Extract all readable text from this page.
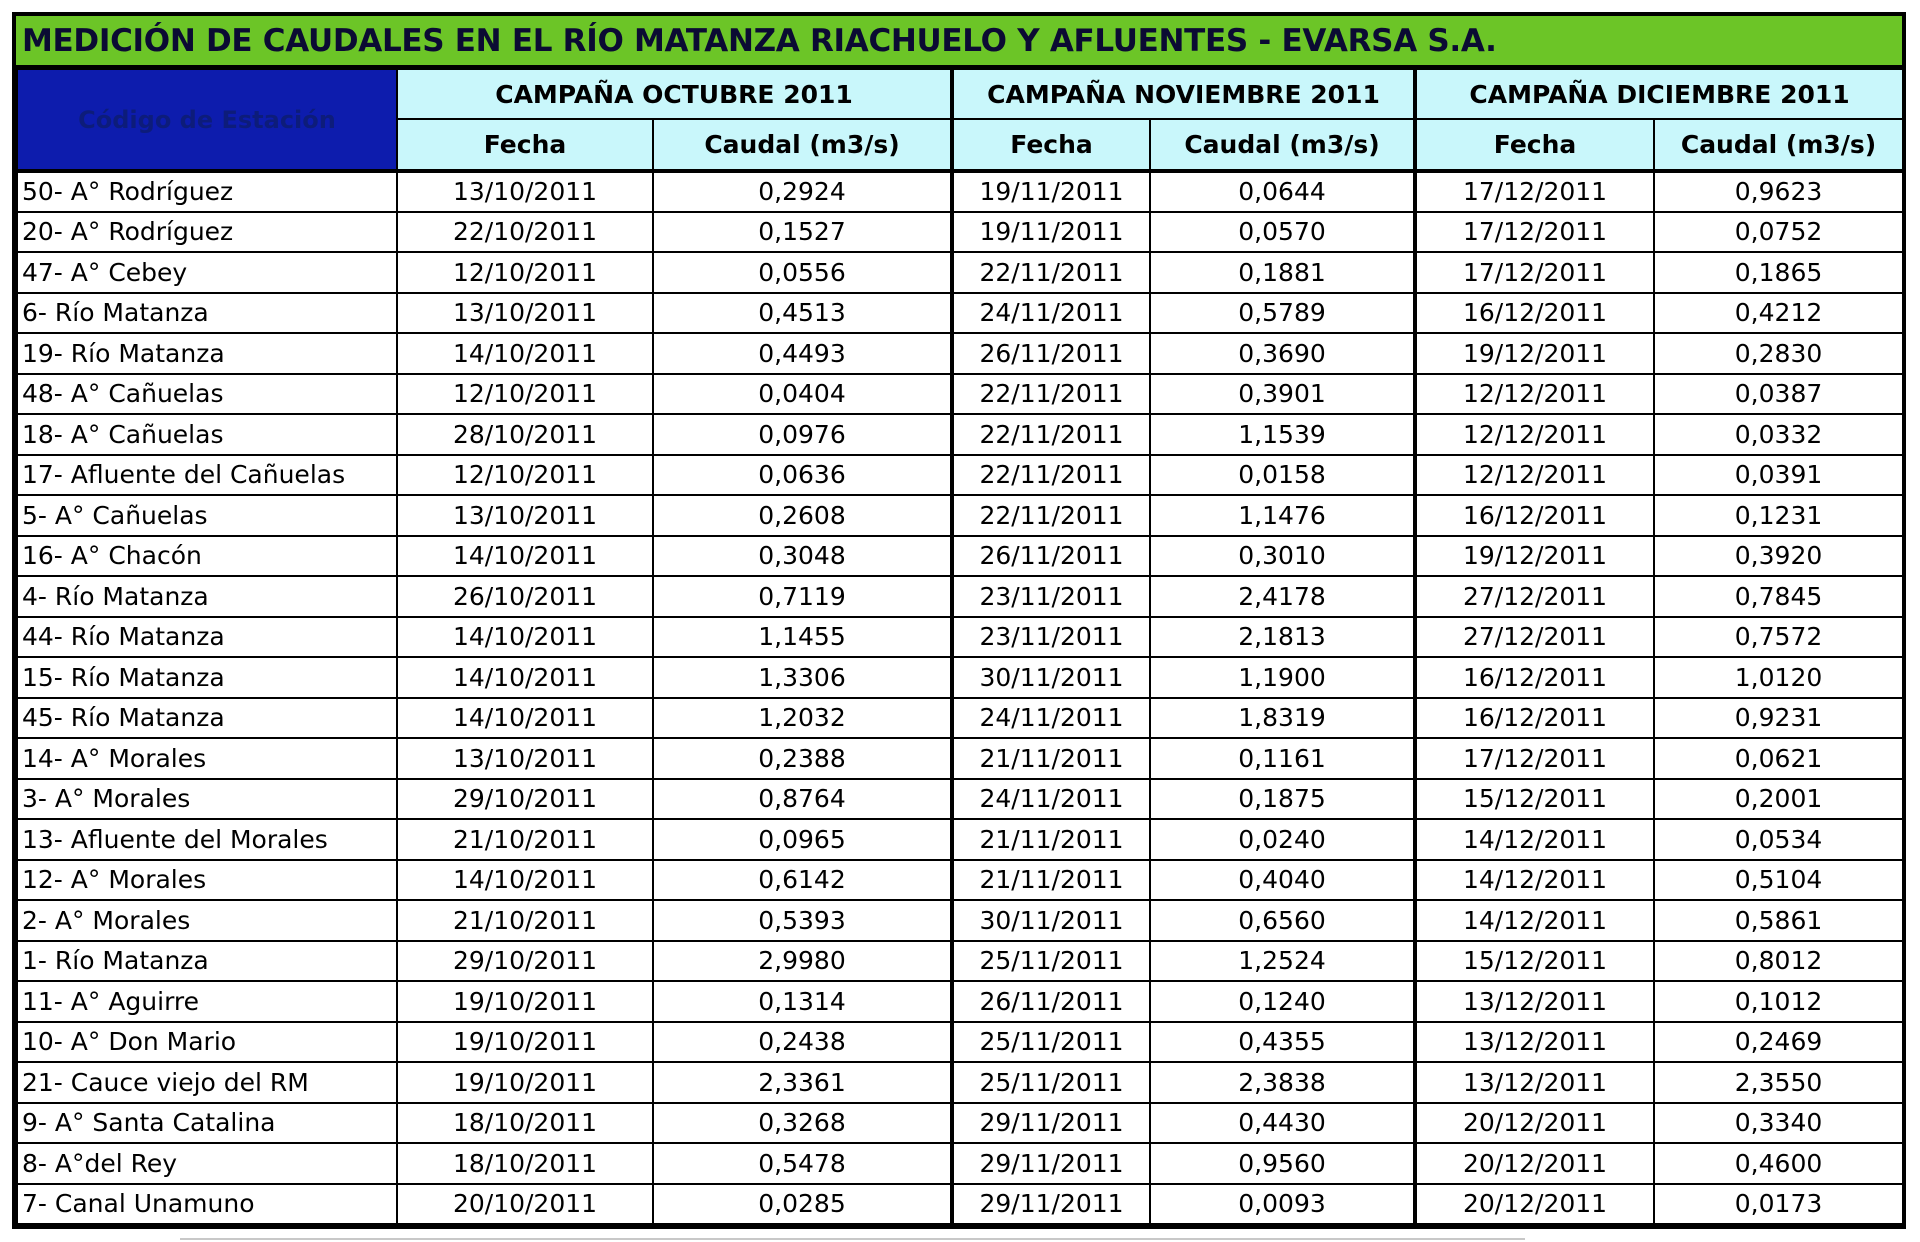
MEDICIÓN DE CAUDALES EN EL RÍO MATANZA RIACHUELO Y AFLUENTES - EVARSA S.A.
Código de Estación	CAMPAÑA OCTUBRE 2011		CAMPAÑA NOVIEMBRE 2011		CAMPAÑA DICIEMBRE 2011	
	Fecha	Caudal (m3/s)	Fecha	Caudal (m3/s)	Fecha	Caudal (m3/s)
50- A° Rodríguez	13/10/2011	0,2924	19/11/2011	0,0644	17/12/2011	0,9623
20- A° Rodríguez	22/10/2011	0,1527	19/11/2011	0,0570	17/12/2011	0,0752
47- A° Cebey	12/10/2011	0,0556	22/11/2011	0,1881	17/12/2011	0,1865
6- Río Matanza	13/10/2011	0,4513	24/11/2011	0,5789	16/12/2011	0,4212
19- Río Matanza	14/10/2011	0,4493	26/11/2011	0,3690	19/12/2011	0,2830
48- A° Cañuelas	12/10/2011	0,0404	22/11/2011	0,3901	12/12/2011	0,0387
18- A° Cañuelas	28/10/2011	0,0976	22/11/2011	1,1539	12/12/2011	0,0332
17- Afluente del Cañuelas	12/10/2011	0,0636	22/11/2011	0,0158	12/12/2011	0,0391
5- A° Cañuelas	13/10/2011	0,2608	22/11/2011	1,1476	16/12/2011	0,1231
16- A° Chacón	14/10/2011	0,3048	26/11/2011	0,3010	19/12/2011	0,3920
4- Río Matanza	26/10/2011	0,7119	23/11/2011	2,4178	27/12/2011	0,7845
44- Río Matanza	14/10/2011	1,1455	23/11/2011	2,1813	27/12/2011	0,7572
15- Río Matanza	14/10/2011	1,3306	30/11/2011	1,1900	16/12/2011	1,0120
45- Río Matanza	14/10/2011	1,2032	24/11/2011	1,8319	16/12/2011	0,9231
14- A° Morales	13/10/2011	0,2388	21/11/2011	0,1161	17/12/2011	0,0621
3- A° Morales	29/10/2011	0,8764	24/11/2011	0,1875	15/12/2011	0,2001
13- Afluente del Morales	21/10/2011	0,0965	21/11/2011	0,0240	14/12/2011	0,0534
12- A° Morales	14/10/2011	0,6142	21/11/2011	0,4040	14/12/2011	0,5104
2- A° Morales	21/10/2011	0,5393	30/11/2011	0,6560	14/12/2011	0,5861
1- Río Matanza	29/10/2011	2,9980	25/11/2011	1,2524	15/12/2011	0,8012
11- A° Aguirre	19/10/2011	0,1314	26/11/2011	0,1240	13/12/2011	0,1012
10- A° Don Mario	19/10/2011	0,2438	25/11/2011	0,4355	13/12/2011	0,2469
21- Cauce viejo del RM	19/10/2011	2,3361	25/11/2011	2,3838	13/12/2011	2,3550
9- A° Santa Catalina	18/10/2011	0,3268	29/11/2011	0,4430	20/12/2011	0,3340
8- A°del Rey	18/10/2011	0,5478	29/11/2011	0,9560	20/12/2011	0,4600
7- Canal Unamuno	20/10/2011	0,0285	29/11/2011	0,0093	20/12/2011	0,0173
